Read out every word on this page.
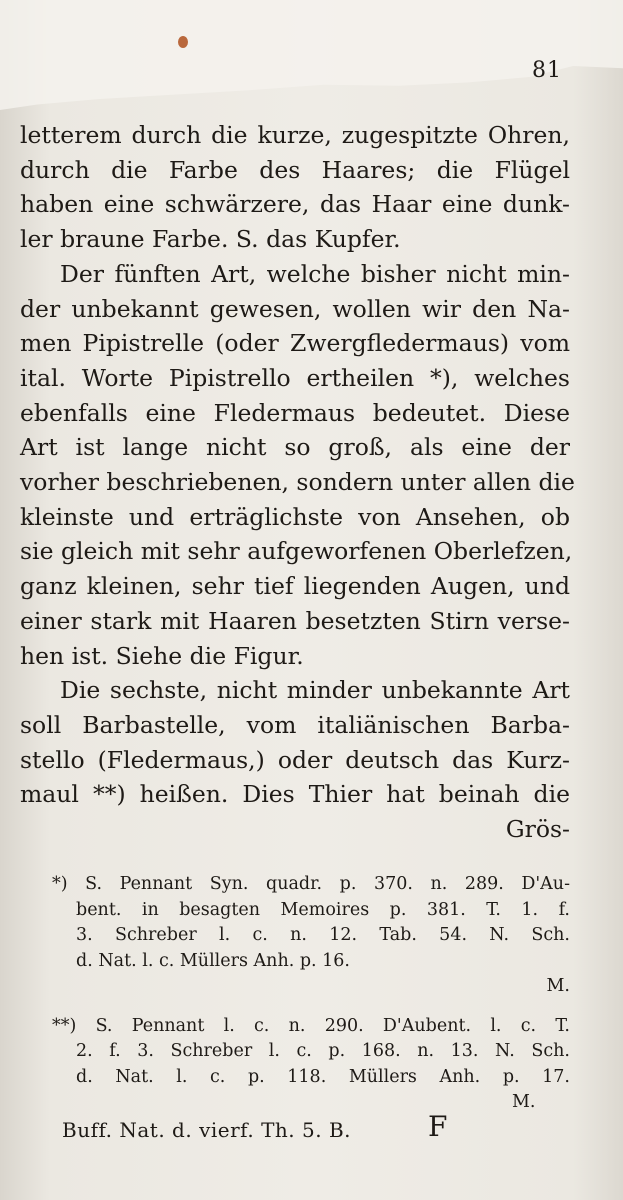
81
letterem durch die kurze, zugespitzte Ohren,
durch die Farbe des Haares; die Flügel
haben eine schwärzere, das Haar eine dunk-
ler braune Farbe. S. das Kupfer.
Der fünften Art, welche bisher nicht min-
der unbekannt gewesen, wollen wir den Na-
men Pipistrelle (oder Zwergfledermaus) vom
ital. Worte Pipistrello ertheilen *), welches
ebenfalls eine Fledermaus bedeutet. Diese
Art ist lange nicht so groß, als eine der
vorher beschriebenen, sondern unter allen die
kleinste und erträglichste von Ansehen, ob
sie gleich mit sehr aufgeworfenen Oberlefzen,
ganz kleinen, sehr tief liegenden Augen, und
einer stark mit Haaren besetzten Stirn verse-
hen ist. Siehe die Figur.
Die sechste, nicht minder unbekannte Art
soll Barbastelle, vom italiänischen Barba-
stello (Fledermaus,) oder deutsch das Kurz-
maul **) heißen. Dies Thier hat beinah die
Grös-
*) S. Pennant Syn. quadr. p. 370. n. 289. D'Au-
bent. in besagten Memoires p. 381. T. 1. f.
3. Schreber l. c. n. 12. Tab. 54. N. Sch.
d. Nat. l. c. Müllers Anh. p. 16.
M.
**) S. Pennant l. c. n. 290. D'Aubent. l. c. T.
2. f. 3. Schreber l. c. p. 168. n. 13. N. Sch.
d. Nat. l. c. p. 118. Müllers Anh. p. 17.
M.
Buff. Nat. d. vierf. Th. 5. B.	F
